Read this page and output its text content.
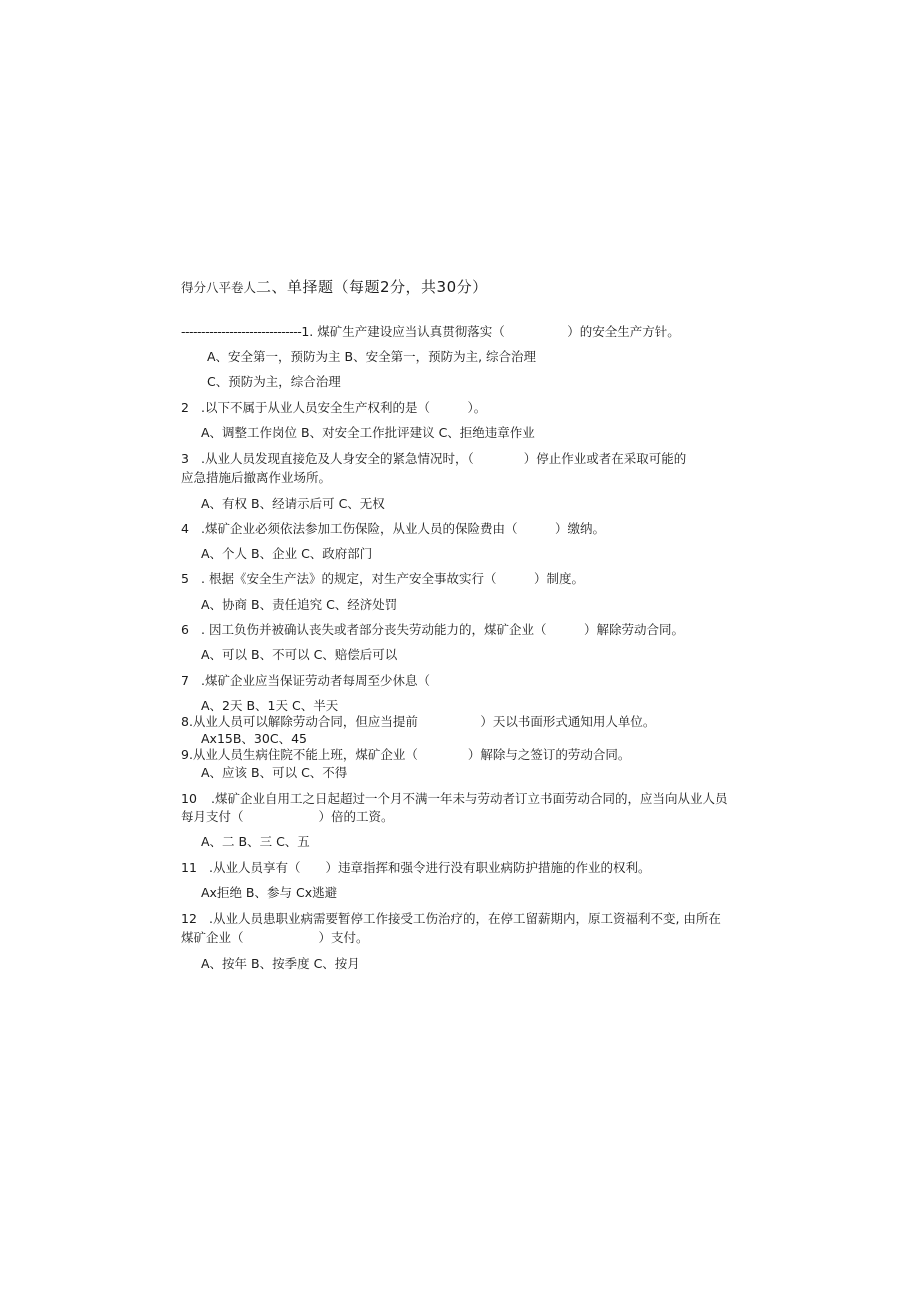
得分八平卷人二、单择题（每题2分，共30分）
------------------------------1. 煤矿生产建设应当认真贯彻落实（　　　　　）的安全生产方针。
A、安全第一，预防为主 B、安全第一，预防为主, 综合治理
C、预防为主，综合治理
2 .以下不属于从业人员安全生产权利的是（　　　）。
A、调整工作岗位 B、对安全工作批评建议 C、拒绝违章作业
3 .从业人员发现直接危及人身安全的紧急情况时，（　　　　）停止作业或者在采取可能的
应急措施后撤离作业场所。
A、有权 B、经请示后可 C、无权
4 .煤矿企业必须依法参加工伤保险，从业人员的保险费由（　　　）缴纳。
A、个人 B、企业 C、政府部门
5 . 根据《安全生产法》的规定，对生产安全事故实行（　　　）制度。
A、协商 B、责任追究 C、经济处罚
6 . 因工负伤并被确认丧失或者部分丧失劳动能力的，煤矿企业（　　　）解除劳动合同。
A、可以 B、不可以 C、赔偿后可以
7 .煤矿企业应当保证劳动者每周至少休息（
A、2天 B、1天 C、半天
8.从业人员可以解除劳动合同，但应当提前　　　　　）天以书面形式通知用人单位。
Ax15B、30C、45
9.从业人员生病住院不能上班，煤矿企业（　　　　）解除与之签订的劳动合同。
A、应该 B、可以 C、不得
10 .煤矿企业自用工之日起超过一个月不满一年未与劳动者订立书面劳动合同的，应当向从业人员
每月支付（　　　　　　）倍的工资。
A、二 B、三 C、五
11 .从业人员享有（　　）违章指挥和强令进行没有职业病防护措施的作业的权利。
Ax拒绝 B、参与 Cx逃避
12 .从业人员患职业病需要暂停工作接受工伤治疗的，在停工留薪期内，原工资福利不变, 由所在
煤矿企业（　　　　　　）支付。
A、按年 B、按季度 C、按月
